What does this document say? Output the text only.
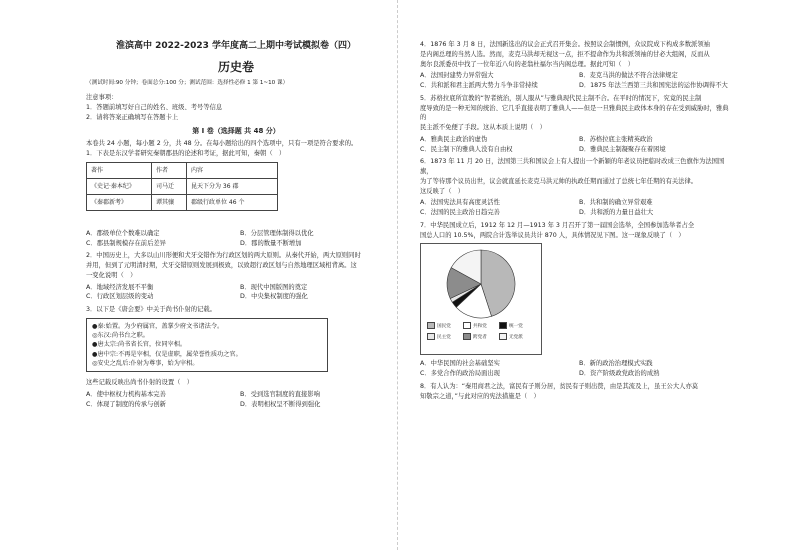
淮滨高中 2022-2023 学年度高二上期中考试模拟卷（四）
历史卷
（测试时间:90 分钟；卷面总分:100 分；测试范围：选择性必修 1 第 1~10 课）

注意事项：

1．答题前填写好自己的姓名、班级、考号等信息

2．请将答案正确填写在答题卡上

第 I 卷（选择题 共 48 分）

本卷共 24 小题，每小题 2 分，共 48 分。在每小题给出的四个选项中，只有一项是符合要求的。

1．下表是东汉学者研究秦朝郡县的论述和考证，据此可知，秦朝（　）

著作	作者	内容
《史记·秦本纪》	司马迁	昆天下分为 36 郡
《秦郡新考》	谭其骧	郡级行政单位 46 个
A．郡级单位个数难以确定	B．分层管理体制得以优化
C．郡县制规模存在前后差异	D．郡的数量不断增加

2．中国历史上，大多以山川形便和犬牙交错作为行政区划的两大原则。从秦代开始，两大原则同时

并用，但到了元明清时期，犬牙交错原则发展到极致，以致超行政区划与自然地理区域相背离。这

一变化说明（　）

A．地域经济发展不平衡	B．现代中国版图的奠定
C．行政区划层级的变动	D．中央集权制度的强化

3．以下是《唐会要》中关于尚书仆射的记载。

●秦:始置。为少府属官，盖掌少府文书诸法令。
◎东汉:尚书台之职。
●唐太宗:尚书省长官，位同宰相。
●唐中宗:不再是宰相，仅是虚职，属荣誉性质功之官。
◎安史之乱后:仆射为尊事，始为宰相。

这些记载反映出尚书仆射的设置（　）

A．使中枢权力机构基本完善	B．受到选官制度的直接影响
C．体现了制度的传承与创新	D．表明相权呈不断得到强化

4．1876 年 3 月 8 日，法国新选出的议会正式召开集会。按照议会制惯例，众议院成下构成多数派领袖

是内阁总理的当然人选。然而，麦克马洪却无视这一点，拒不提命作为共和派领袖的甘必大组阁，反而从

奥尔良派委员中找了一位年近八旬的老翁杜福尔当内阁总理。据此可知（　）

A．法国封建势力异常强大	B．麦克马洪的做法不符合法律规定
C．共和派和君主派两大势力斗争非常持续	D．1875 年法兰西第三共和国宪法的运作协调得不大

5．苏格拉底所宣教的“智者统治，别人服从”与雅典现代民主制不合。在平时的情况下，究竟的民主制

度导致的是一种无知的统治、它几乎直接表明了雅典人——但是一旦雅典民主政体本身的存在受到威胁时，雅典的

民主派不免便了手段。这从本质上说明（　）

A．雅典民主政治的虚伪	B．苏格拉底主张精英政治
C．民主制下的雅典人没有自由权	D．雅典民主制凝聚存在着困境

6．1873 年 11 月 20 日，法国第三共和国议会上有人提出一个新颖的年老议员把临时改成三色旗作为法国国旗，

为了等待那个议员出世，议会就直延长麦克马洪元帅的执政任期而通过了总统七年任期的有关法律。

这反映了（　）

A．法国宪法具有高度灵活性	B．共和制的确立异常艰难
C．法国的民主政治日趋完善	D．共和派的力量日益壮大

7．中华民国成立后，1912 年 12 月—1913 年 3 月召开了第一届国会选举，全国参加选举者占全

国总人口的 10.5%，两院合计选举议员共计 870 人，具体情况见下图。这一现象反映了（　）

国民党	共和党	统一党
民主党	跨党者	无党派
A．中华民国的社会基础坚实	B．新的政治治理模式实践
C．多党合作的政治局面出现	D．资产阶级政党政治的成熟

8．有人认为：“秦用商君之法，富民有子则分居，贫民有子则出赘，由是其流及上，虽王公大人亦莫

知敬宗之道，”与此对应的宪法措施是（　）
